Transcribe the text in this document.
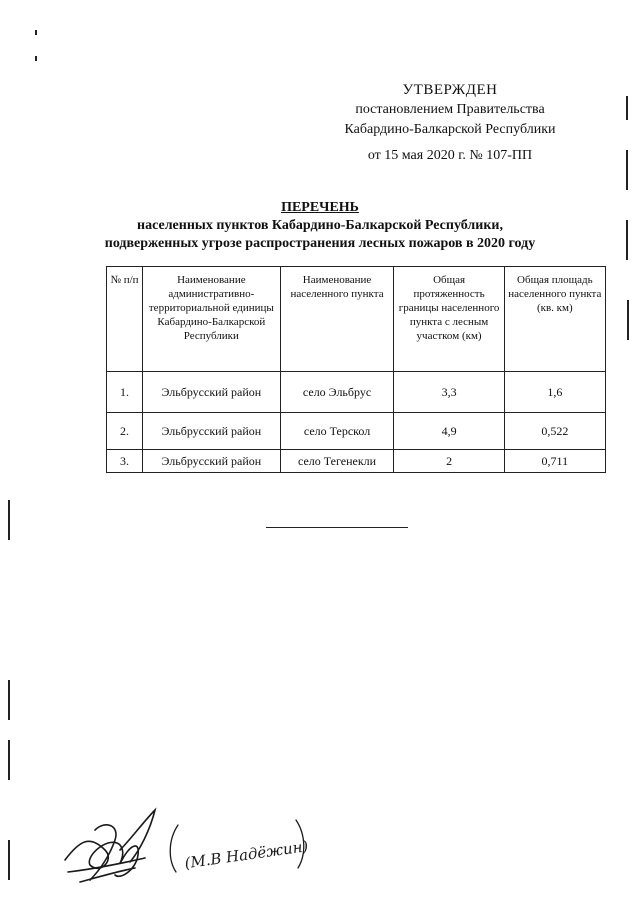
УТВЕРЖДЕН
постановлением Правительства
Кабардино-Балкарской Республики
от 15 мая 2020 г. № 107-ПП
ПЕРЕЧЕНЬ
населенных пунктов Кабардино-Балкарской Республики,
подверженных угрозе распространения лесных пожаров в 2020 году
№ п/п	Наименование административно-территориальной единицы Кабардино-Балкарской Республики	Наименование населенного пункта	Общая протяженность границы населенного пункта с лесным участком (км)	Общая площадь населенного пункта (кв. км)
1.	Эльбрусский район	село Эльбрус	3,3	1,6
2.	Эльбрусский район	село Терскол	4,9	0,522
3.	Эльбрусский район	село Тегенекли	2	0,711
(М.В Надёжин)
